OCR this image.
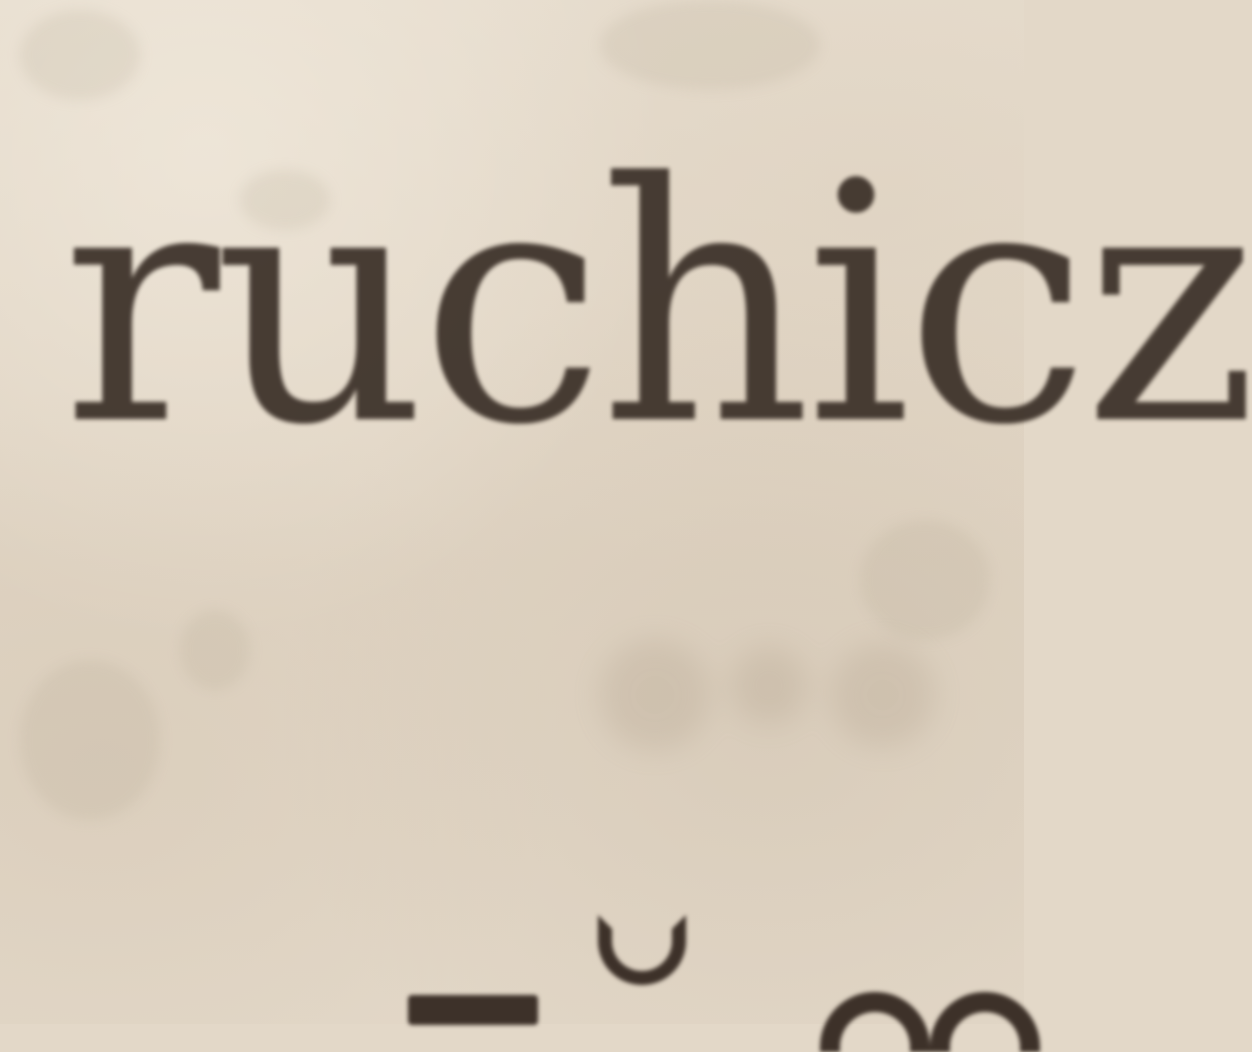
ruchicz
